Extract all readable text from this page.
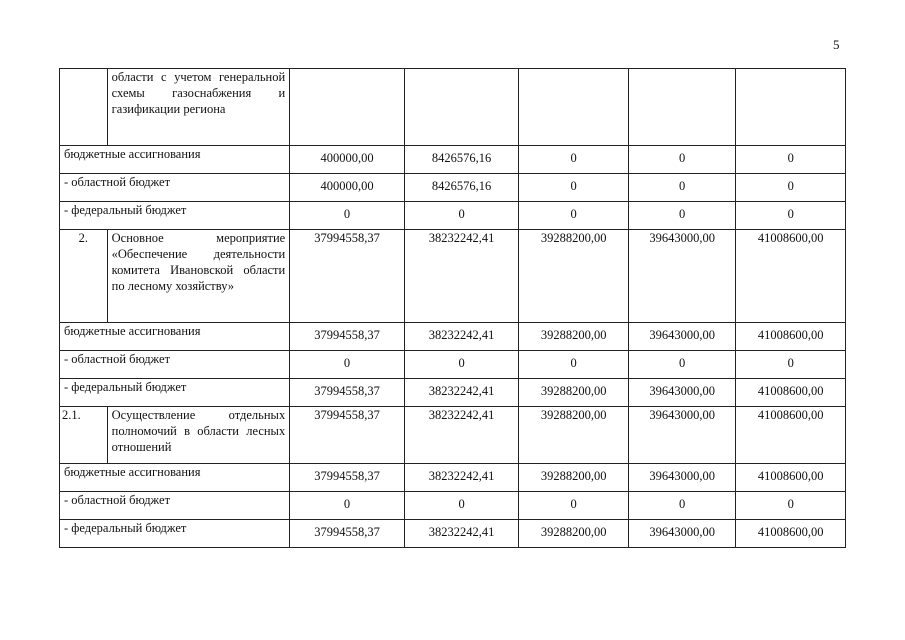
5
	области с учетом генеральной схемы газоснабжения и газификации региона					
бюджетные ассигнования		400000,00	8426576,16	0	0	0
- областной бюджет		400000,00	8426576,16	0	0	0
- федеральный бюджет		0	0	0	0	0
2.	Основное мероприятие «Обеспечение деятельности комитета Ивановской области по лесному хозяйству»	37994558,37	38232242,41	39288200,00	39643000,00	41008600,00
бюджетные ассигнования		37994558,37	38232242,41	39288200,00	39643000,00	41008600,00
- областной бюджет		0	0	0	0	0
- федеральный бюджет		37994558,37	38232242,41	39288200,00	39643000,00	41008600,00
2.1.	Осуществление отдельных полномочий в области лесных отношений	37994558,37	38232242,41	39288200,00	39643000,00	41008600,00
бюджетные ассигнования		37994558,37	38232242,41	39288200,00	39643000,00	41008600,00
- областной бюджет		0	0	0	0	0
- федеральный бюджет		37994558,37	38232242,41	39288200,00	39643000,00	41008600,00
